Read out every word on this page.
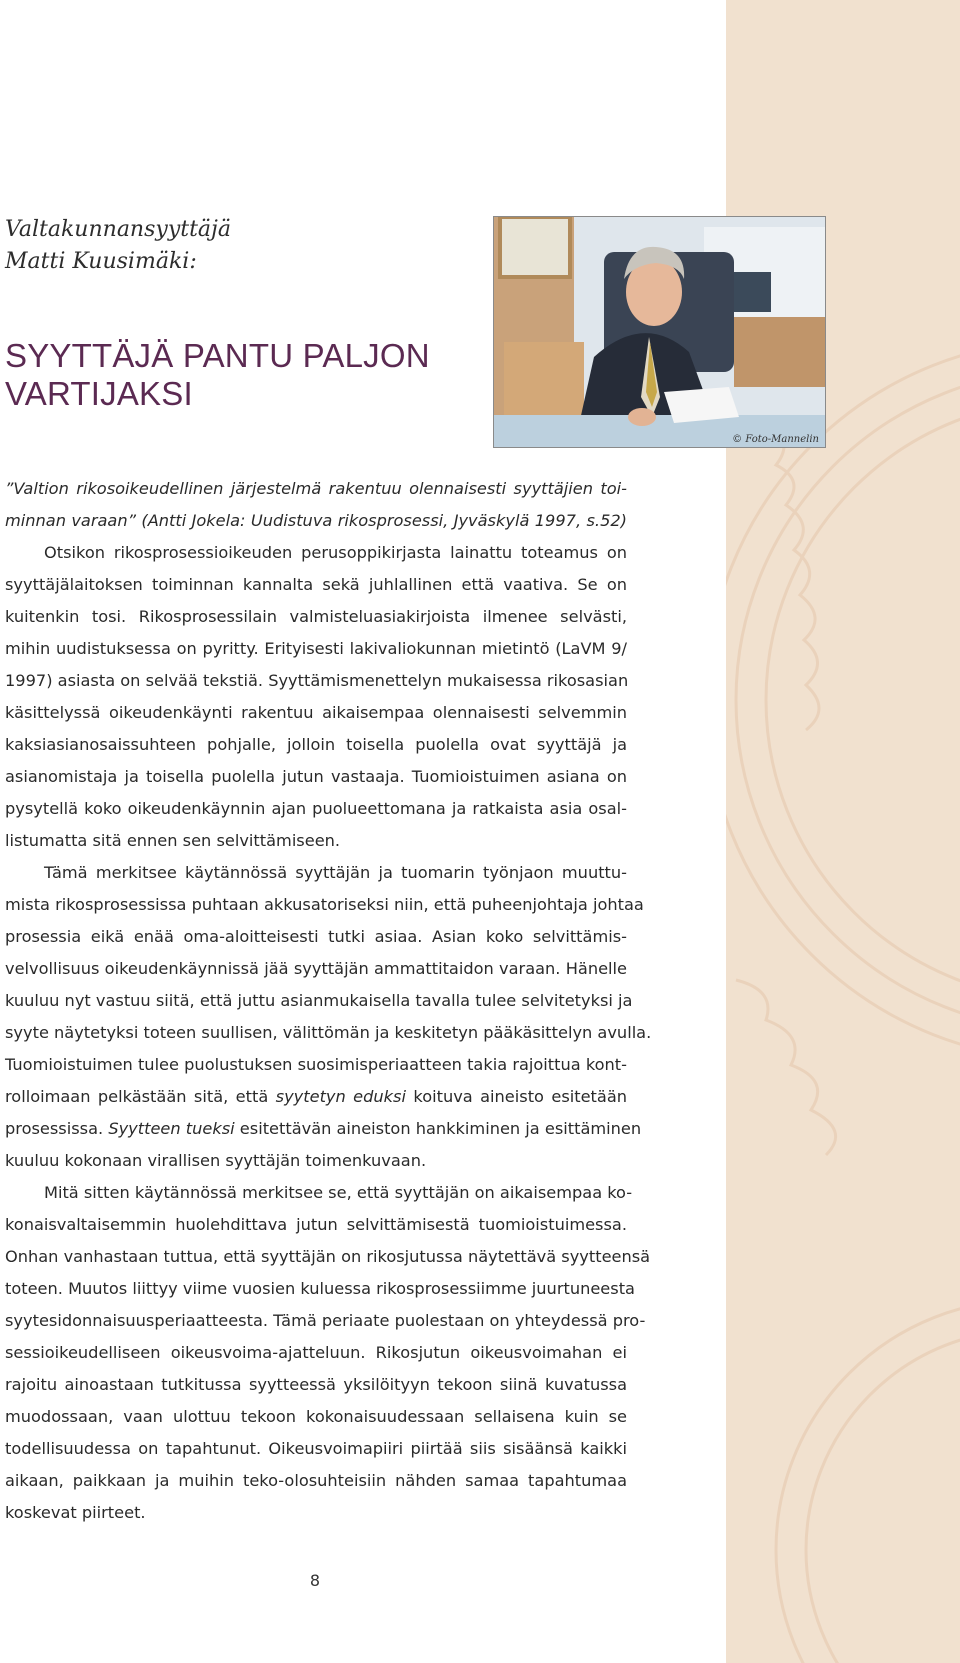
Valtakunnansyyttäjä
Matti Kuusimäki:
SYYTTÄJÄ PANTU PALJON
VARTIJAKSI
© Foto-Mannelin
”Valtion rikosoikeudellinen järjestelmä rakentuu olennaisesti syyttäjien toi-
minnan varaan” (Antti Jokela: Uudistuva rikosprosessi, Jyväskylä 1997, s.52)
Otsikon rikosprosessioikeuden perusoppikirjasta lainattu toteamus on
syyttäjälaitoksen toiminnan kannalta sekä juhlallinen että vaativa. Se on
kuitenkin tosi. Rikosprosessilain valmisteluasiakirjoista ilmenee selvästi,
mihin uudistuksessa on pyritty. Erityisesti lakivaliokunnan mietintö (LaVM 9/
1997) asiasta on selvää tekstiä. Syyttämismenettelyn mukaisessa rikosasian
käsittelyssä oikeudenkäynti rakentuu aikaisempaa olennaisesti selvemmin
kaksiasianosaissuhteen pohjalle, jolloin toisella puolella ovat syyttäjä ja
asianomistaja ja toisella puolella jutun vastaaja. Tuomioistuimen asiana on
pysytellä koko oikeudenkäynnin ajan puolueettomana ja ratkaista asia osal-
listumatta sitä ennen sen selvittämiseen.
Tämä merkitsee käytännössä syyttäjän ja tuomarin työnjaon muuttu-
mista rikosprosessissa puhtaan akkusatoriseksi niin, että puheenjohtaja johtaa
prosessia eikä enää oma-aloitteisesti tutki asiaa. Asian koko selvittämis-
velvollisuus oikeudenkäynnissä jää syyttäjän ammattitaidon varaan. Hänelle
kuuluu nyt vastuu siitä, että juttu asianmukaisella tavalla tulee selvitetyksi ja
syyte näytetyksi toteen suullisen, välittömän ja keskitetyn pääkäsittelyn avulla.
Tuomioistuimen tulee puolustuksen suosimisperiaatteen takia rajoittua kont-
rolloimaan pelkästään sitä, että syytetyn eduksi koituva aineisto esitetään
prosessissa. Syytteen tueksi esitettävän aineiston hankkiminen ja esittäminen
kuuluu kokonaan virallisen syyttäjän toimenkuvaan.
Mitä sitten käytännössä merkitsee se, että syyttäjän on aikaisempaa ko-
konaisvaltaisemmin huolehdittava jutun selvittämisestä tuomioistuimessa.
Onhan vanhastaan tuttua, että syyttäjän on rikosjutussa näytettävä syytteensä
toteen. Muutos liittyy viime vuosien kuluessa rikosprosessiimme juurtuneesta
syytesidonnaisuusperiaatteesta. Tämä periaate puolestaan on yhteydessä pro-
sessioikeudelliseen oikeusvoima-ajatteluun. Rikosjutun oikeusvoimahan ei
rajoitu ainoastaan tutkitussa syytteessä yksilöityyn tekoon siinä kuvatussa
muodossaan, vaan ulottuu tekoon kokonaisuudessaan sellaisena kuin se
todellisuudessa on tapahtunut. Oikeusvoimapiiri piirtää siis sisäänsä kaikki
aikaan, paikkaan ja muihin teko-olosuhteisiin nähden samaa tapahtumaa
koskevat piirteet.
8
